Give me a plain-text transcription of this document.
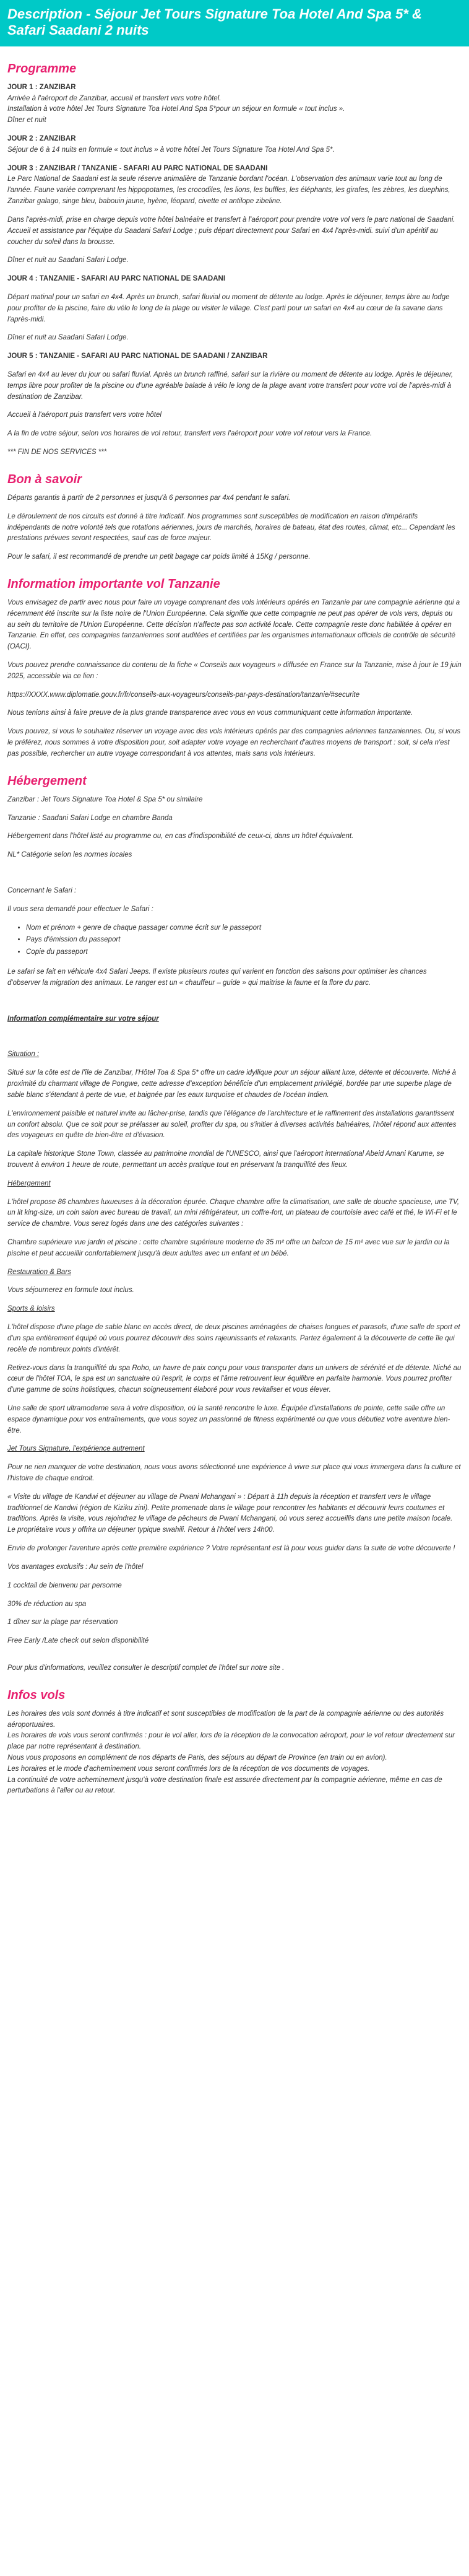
Description - Séjour Jet Tours Signature Toa Hotel And Spa 5* & Safari Saadani 2 nuits
Programme

JOUR 1 : ZANZIBAR
Arrivée à l'aéroport de Zanzibar, accueil et transfert vers votre hôtel.
Installation à votre hôtel Jet Tours Signature Toa Hotel And Spa 5*pour un séjour en formule « tout inclus ».
Dîner et nuit

JOUR 2 : ZANZIBAR
Séjour de 6 à 14 nuits en formule « tout inclus » à votre hôtel Jet Tours Signature Toa Hotel And Spa 5*.

JOUR 3 : ZANZIBAR / TANZANIE - SAFARI AU PARC NATIONAL DE SAADANI
Le Parc National de Saadani est la seule réserve animalière de Tanzanie bordant l'océan. L'observation des animaux varie tout au long de l'année. Faune variée comprenant les hippopotames, les crocodiles, les lions, les buffles, les éléphants, les girafes, les zèbres, les duephins, Zanzibar galago, singe bleu, babouin jaune, hyène, léopard, civette et antilope zibeline.

Dans l'après-midi, prise en charge depuis votre hôtel balnéaire et transfert à l'aéroport pour prendre votre vol vers le parc national de Saadani. Accueil et assistance par l'équipe du Saadani Safari Lodge ; puis départ directement pour Safari en 4x4 l'après-midi. suivi d'un apéritif au coucher du soleil dans la brousse.

Dîner et nuit au Saadani Safari Lodge.

JOUR 4 : TANZANIE - SAFARI AU PARC NATIONAL DE SAADANI

Départ matinal pour un safari en 4x4. Après un brunch, safari fluvial ou moment de détente au lodge. Après le déjeuner, temps libre au lodge pour profiter de la piscine, faire du vélo le long de la plage ou visiter le village. C'est parti pour un safari en 4x4 au cœur de la savane dans l'après-midi.

Dîner et nuit au Saadani Safari Lodge.

JOUR 5 : TANZANIE - SAFARI AU PARC NATIONAL DE SAADANI / ZANZIBAR

Safari en 4x4 au lever du jour ou safari fluvial. Après un brunch raffiné, safari sur la rivière ou moment de détente au lodge. Après le déjeuner, temps libre pour profiter de la piscine ou d'une agréable balade à vélo le long de la plage avant votre transfert pour votre vol de l'après-midi à destination de Zanzibar.

Accueil à l'aéroport puis transfert vers votre hôtel

A la fin de votre séjour, selon vos horaires de vol retour, transfert vers l'aéroport pour votre vol retour vers la France.

*** FIN DE NOS SERVICES ***

Bon à savoir

Départs garantis à partir de 2 personnes et jusqu'à 6 personnes par 4x4 pendant le safari.

Le déroulement de nos circuits est donné à titre indicatif. Nos programmes sont susceptibles de modification en raison d'impératifs indépendants de notre volonté tels que rotations aériennes, jours de marchés, horaires de bateau, état des routes, climat, etc... Cependant les prestations prévues seront respectées, sauf cas de force majeur.

Pour le safari, il est recommandé de prendre un petit bagage car poids limité à 15Kg / personne.

Information importante vol Tanzanie

Vous envisagez de partir avec nous pour faire un voyage comprenant des vols intérieurs opérés en Tanzanie par une compagnie aérienne qui a récemment été inscrite sur la liste noire de l'Union Européenne. Cela signifie que cette compagnie ne peut pas opérer de vols vers, depuis ou au sein du territoire de l'Union Européenne. Cette décision n'affecte pas son activité locale. Cette compagnie reste donc habilitée à opérer en Tanzanie. En effet, ces compagnies tanzaniennes sont auditées et certifiées par les organismes internationaux officiels de contrôle de sécurité (OACI).

Vous pouvez prendre connaissance du contenu de la fiche « Conseils aux voyageurs » diffusée en France sur la Tanzanie, mise à jour le 19 juin 2025, accessible via ce lien :

https://XXXX.www.diplomatie.gouv.fr/fr/conseils-aux-voyageurs/conseils-par-pays-destination/tanzanie/#securite

Nous tenions ainsi à faire preuve de la plus grande transparence avec vous en vous communiquant cette information importante.

Vous pouvez, si vous le souhaitez réserver un voyage avec des vols intérieurs opérés par des compagnies aériennes tanzaniennes. Ou, si vous le préférez, nous sommes à votre disposition pour, soit adapter votre voyage en recherchant d'autres moyens de transport : soit, si cela n'est pas possible, rechercher un autre voyage correspondant à vos attentes, mais sans vols intérieurs.

Hébergement

Zanzibar : Jet Tours Signature Toa Hotel & Spa 5* ou similaire

Tanzanie : Saadani Safari Lodge en chambre Banda

Hébergement dans l'hôtel listé au programme ou, en cas d'indisponibilité de ceux-ci, dans un hôtel équivalent.

NL* Catégorie selon les normes locales

Concernant le Safari :

Il vous sera demandé pour effectuer le Safari :

• Nom et prénom + genre de chaque passager comme écrit sur le passeport
• Pays d'émission du passeport
• Copie du passeport

Le safari se fait en véhicule 4x4 Safari Jeeps. Il existe plusieurs routes qui varient en fonction des saisons pour optimiser les chances d'observer la migration des animaux. Le ranger est un « chauffeur – guide » qui maitrise la faune et la flore du parc.

Information complémentaire sur votre séjour

Situation :

Situé sur la côte est de l'île de Zanzibar, l'Hôtel Toa & Spa 5* offre un cadre idyllique pour un séjour alliant luxe, détente et découverte. Niché à proximité du charmant village de Pongwe, cette adresse d'exception bénéficie d'un emplacement privilégié, bordée par une superbe plage de sable blanc s'étendant à perte de vue, et baignée par les eaux turquoise et chaudes de l'océan Indien.

L'environnement paisible et naturel invite au lâcher-prise, tandis que l'élégance de l'architecture et le raffinement des installations garantissent un confort absolu. Que ce soit pour se prélasser au soleil, profiter du spa, ou s'initier à diverses activités balnéaires, l'hôtel répond aux attentes des voyageurs en quête de bien-être et d'évasion.

La capitale historique Stone Town, classée au patrimoine mondial de l'UNESCO, ainsi que l'aéroport international Abeid Amani Karume, se trouvent à environ 1 heure de route, permettant un accès pratique tout en préservant la tranquillité des lieux.

Hébergement

L'hôtel propose 86 chambres luxueuses à la décoration épurée. Chaque chambre offre la climatisation, une salle de douche spacieuse, une TV, un lit king-size, un coin salon avec bureau de travail, un mini réfrigérateur, un coffre-fort, un plateau de courtoisie avec café et thé, le Wi-Fi et le service de chambre. Vous serez logés dans une des catégories suivantes :

Chambre supérieure vue jardin et piscine : cette chambre supérieure moderne de 35 m² offre un balcon de 15 m² avec vue sur le jardin ou la piscine et peut accueillir confortablement jusqu'à deux adultes avec un enfant et un bébé.

Restauration & Bars

Vous séjournerez en formule tout inclus.

Sports & loisirs

L'hôtel dispose d'une plage de sable blanc en accès direct, de deux piscines aménagées de chaises longues et parasols, d'une salle de sport et d'un spa entièrement équipé où vous pourrez découvrir des soins rajeunissants et relaxants. Partez également à la découverte de cette île qui recèle de nombreux points d'intérêt.

Retirez-vous dans la tranquillité du spa Roho, un havre de paix conçu pour vous transporter dans un univers de sérénité et de détente. Niché au cœur de l'hôtel TOA, le spa est un sanctuaire où l'esprit, le corps et l'âme retrouvent leur équilibre en parfaite harmonie. Vous pourrez profiter d'une gamme de soins holistiques, chacun soigneusement élaboré pour vous revitaliser et vous élever.

Une salle de sport ultramoderne sera à votre disposition, où la santé rencontre le luxe. Équipée d'installations de pointe, cette salle offre un espace dynamique pour vos entraînements, que vous soyez un passionné de fitness expérimenté ou que vous débutiez votre aventure bien-être.

Jet Tours Signature, l'expérience autrement

Pour ne rien manquer de votre destination, nous vous avons sélectionné une expérience à vivre sur place qui vous immergera dans la culture et l'histoire de chaque endroit.

« Visite du village de Kandwi et déjeuner au village de Pwani Mchangani » : Départ à 11h depuis la réception et transfert vers le village traditionnel de Kandwi (région de Kiziku zini). Petite promenade dans le village pour rencontrer les habitants et découvrir leurs coutumes et traditions. Après la visite, vous rejoindrez le village de pêcheurs de Pwani Mchangani, où vous serez accueillis dans une petite maison locale. Le propriétaire vous y offrira un déjeuner typique swahili. Retour à l'hôtel vers 14h00.

Envie de prolonger l'aventure après cette première expérience ? Votre représentant est là pour vous guider dans la suite de votre découverte !

Vos avantages exclusifs : Au sein de l'hôtel

1 cocktail de bienvenu par personne

30% de réduction au spa

1 dîner sur la plage par réservation

Free Early /Late check out selon disponibilité

Pour plus d'informations, veuillez consulter le descriptif complet de l'hôtel sur notre site .

Infos vols

Les horaires des vols sont donnés à titre indicatif et sont susceptibles de modification de la part de la compagnie aérienne ou des autorités aéroportuaires.
Les horaires de vols vous seront confirmés : pour le vol aller, lors de la réception de la convocation aéroport, pour le vol retour directement sur place par notre représentant à destination.
Nous vous proposons en complément de nos départs de Paris, des séjours au départ de Province (en train ou en avion).
Les horaires et le mode d'acheminement vous seront confirmés lors de la réception de vos documents de voyages.
La continuité de votre acheminement jusqu'à votre destination finale est assurée directement par la compagnie aérienne, même en cas de perturbations à l'aller ou au retour.
